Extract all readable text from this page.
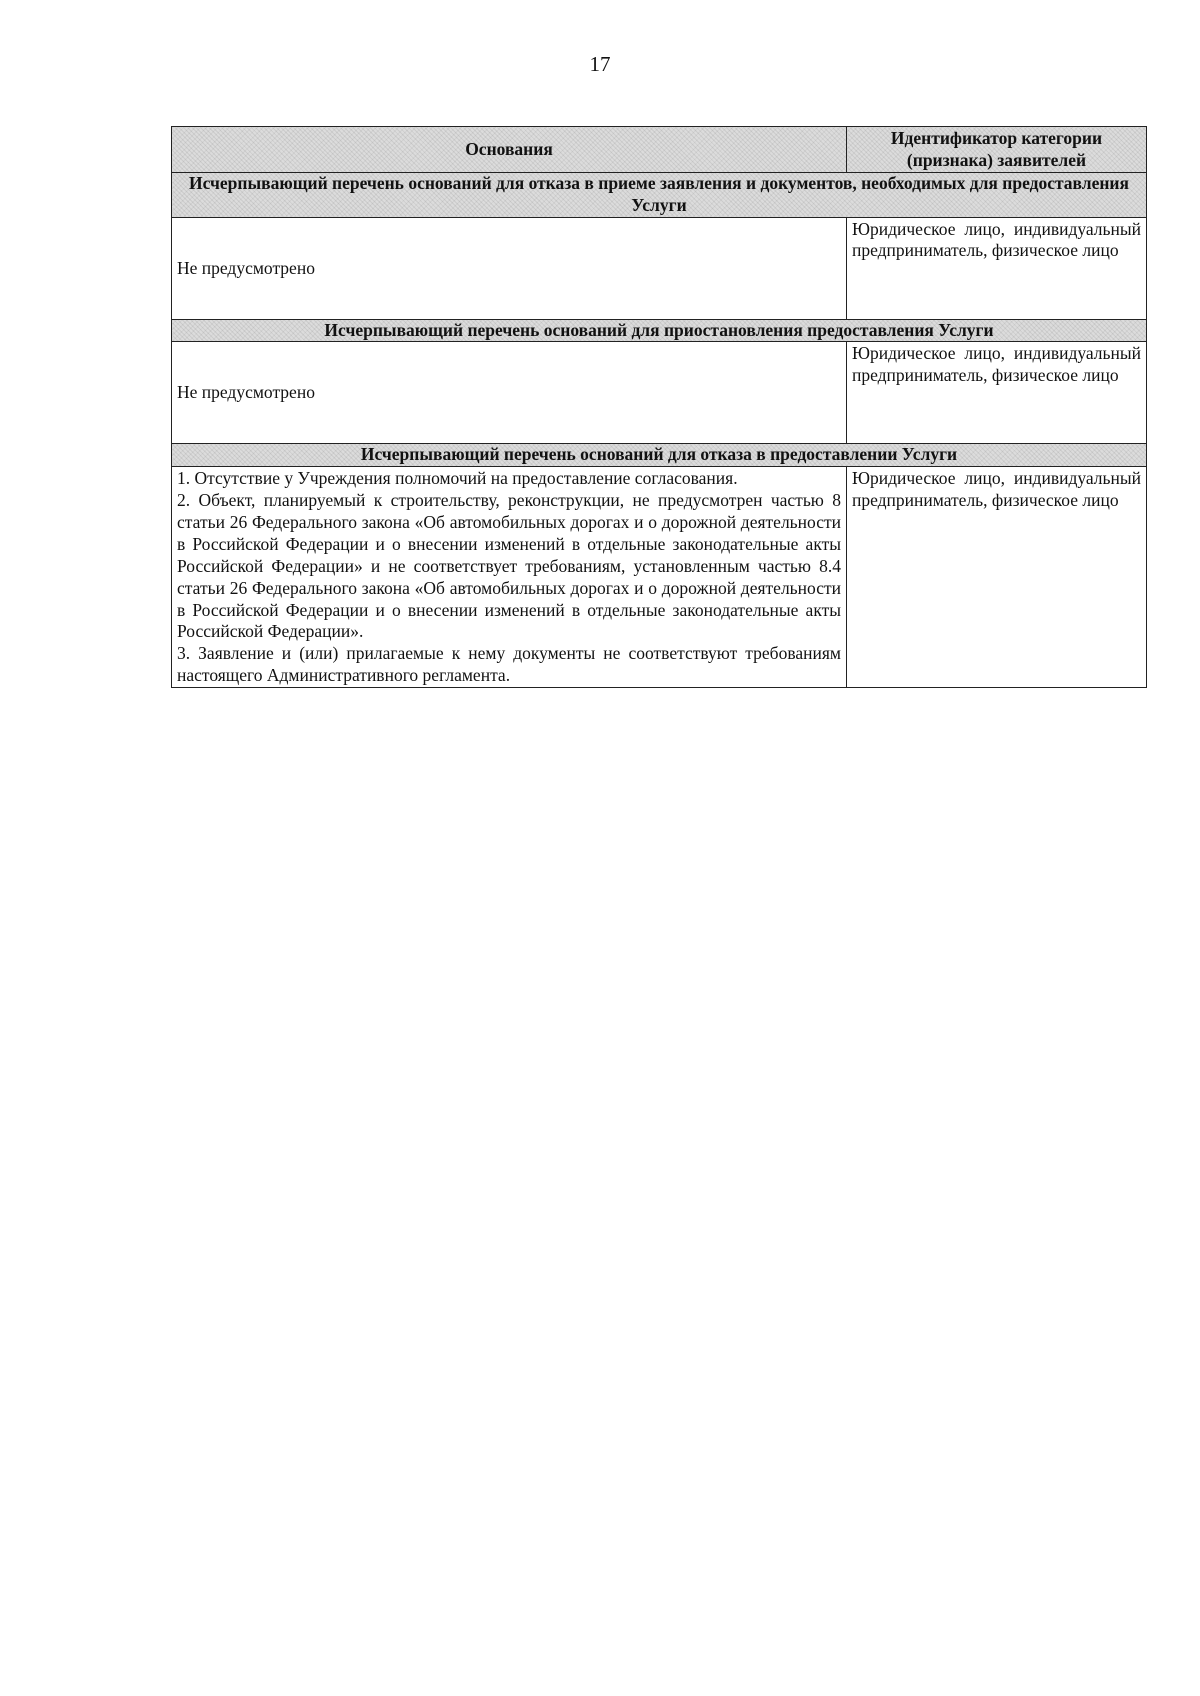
17
Основания	Идентификатор категории (признака) заявителей
Исчерпывающий перечень оснований для отказа в приеме заявления и документов, необходимых для предоставления Услуги	
Не предусмотрено	Юридическое лицо, индивидуальный предприниматель, физическое лицо
Исчерпывающий перечень оснований для приостановления предоставления Услуги	
Не предусмотрено	Юридическое лицо, индивидуальный предприниматель, физическое лицо
Исчерпывающий перечень оснований для отказа в предоставлении Услуги	

1. Отсутствие у Учреждения полномочий на предоставление согласования.
2. Объект, планируемый к строительству, реконструкции, не предусмотрен частью 8 статьи 26 Федерального закона «Об автомобильных дорогах и о дорожной деятельности в Российской Федерации и о внесении изменений в отдельные законодательные акты Российской Федерации» и не соответствует требованиям, установленным частью 8.4 статьи 26 Федерального закона «Об автомобильных дорогах и о дорожной деятельности в Российской Федерации и о внесении изменений в отдельные законодательные акты Российской Федерации».
3. Заявление и (или) прилагаемые к нему документы не соответствуют требованиям настоящего Административного регламента.	Юридическое лицо, индивидуальный предприниматель, физическое лицо
